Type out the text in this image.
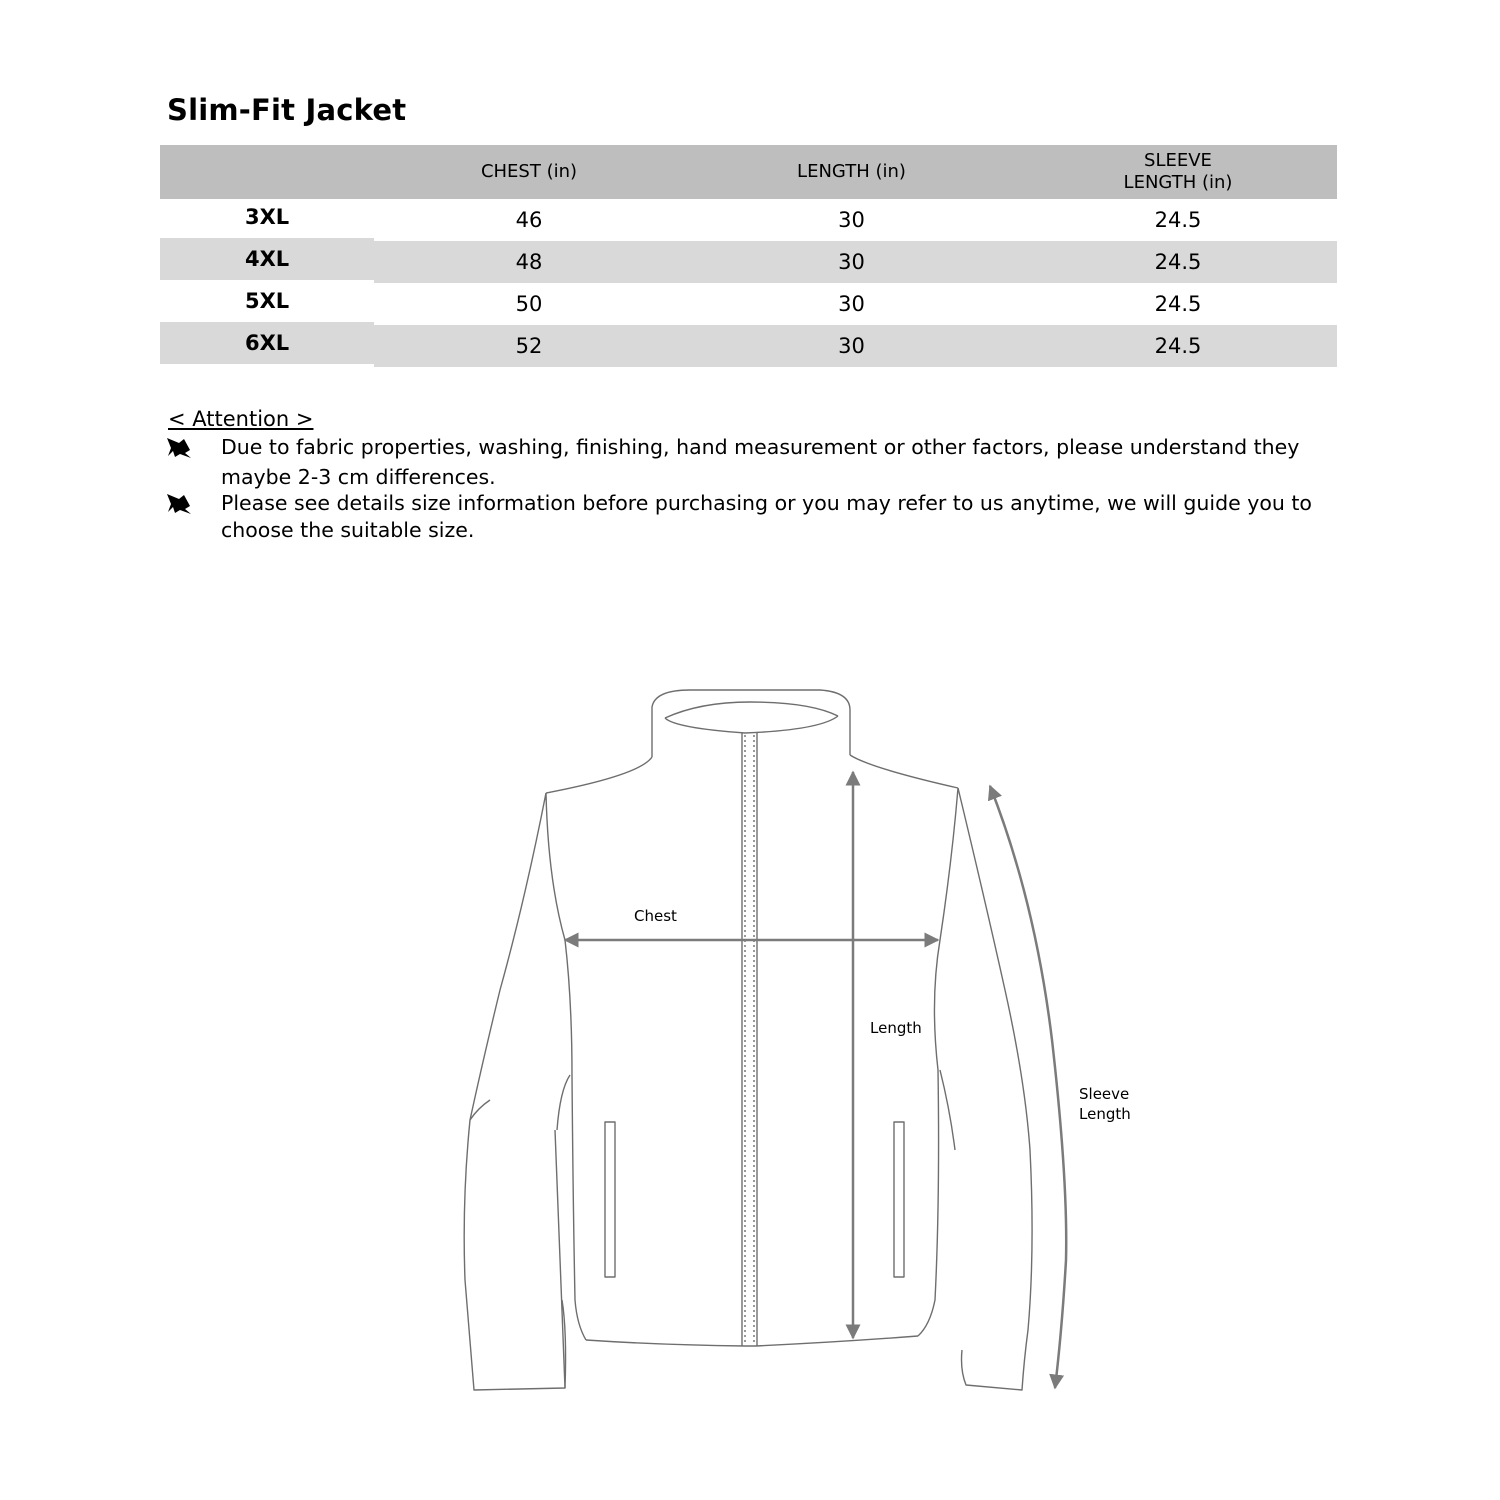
Slim-Fit Jacket
	CHEST (in)	LENGTH (in)	SLEEVE
LENGTH (in)

3XL	46	30	24.5
4XL	48	30	24.5
5XL	50	30	24.5
6XL	52	30	24.5
< Attention >
Due to fabric properties, washing, finishing, hand measurement or other factors, please understand they maybe 2-3 cm differences.
Please see details size information before purchasing or you may refer to us anytime, we will guide you to choose the suitable size.
Chest
Length
Sleeve Length
